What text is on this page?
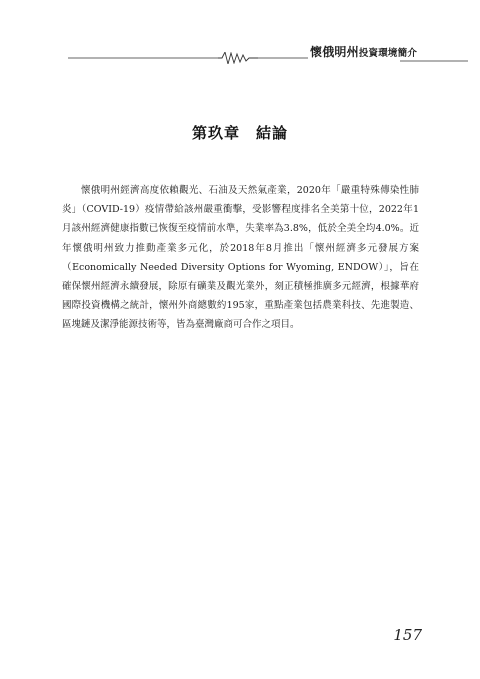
懷俄明州投資環境簡介
第玖章　結論
懷俄明州經濟高度依賴觀光、石油及天然氣產業，2020年「嚴重特殊傳染性肺炎」（COVID-19）疫情帶給該州嚴重衝擊，受影響程度排名全美第十位，2022年1月該州經濟健康指數已恢復至疫情前水準，失業率為3.8%，低於全美全均4.0%。近年懷俄明州致力推動產業多元化，於2018年8月推出「懷州經濟多元發展方案（Economically Needed Diversity Options for Wyoming, ENDOW）」，旨在確保懷州經濟永續發展，除原有礦業及觀光業外，刻正積極推廣多元經濟，根據華府國際投資機構之統計，懷州外商總數約195家，重點產業包括農業科技、先進製造、區塊鏈及潔淨能源技術等，皆為臺灣廠商可合作之項目。
157
